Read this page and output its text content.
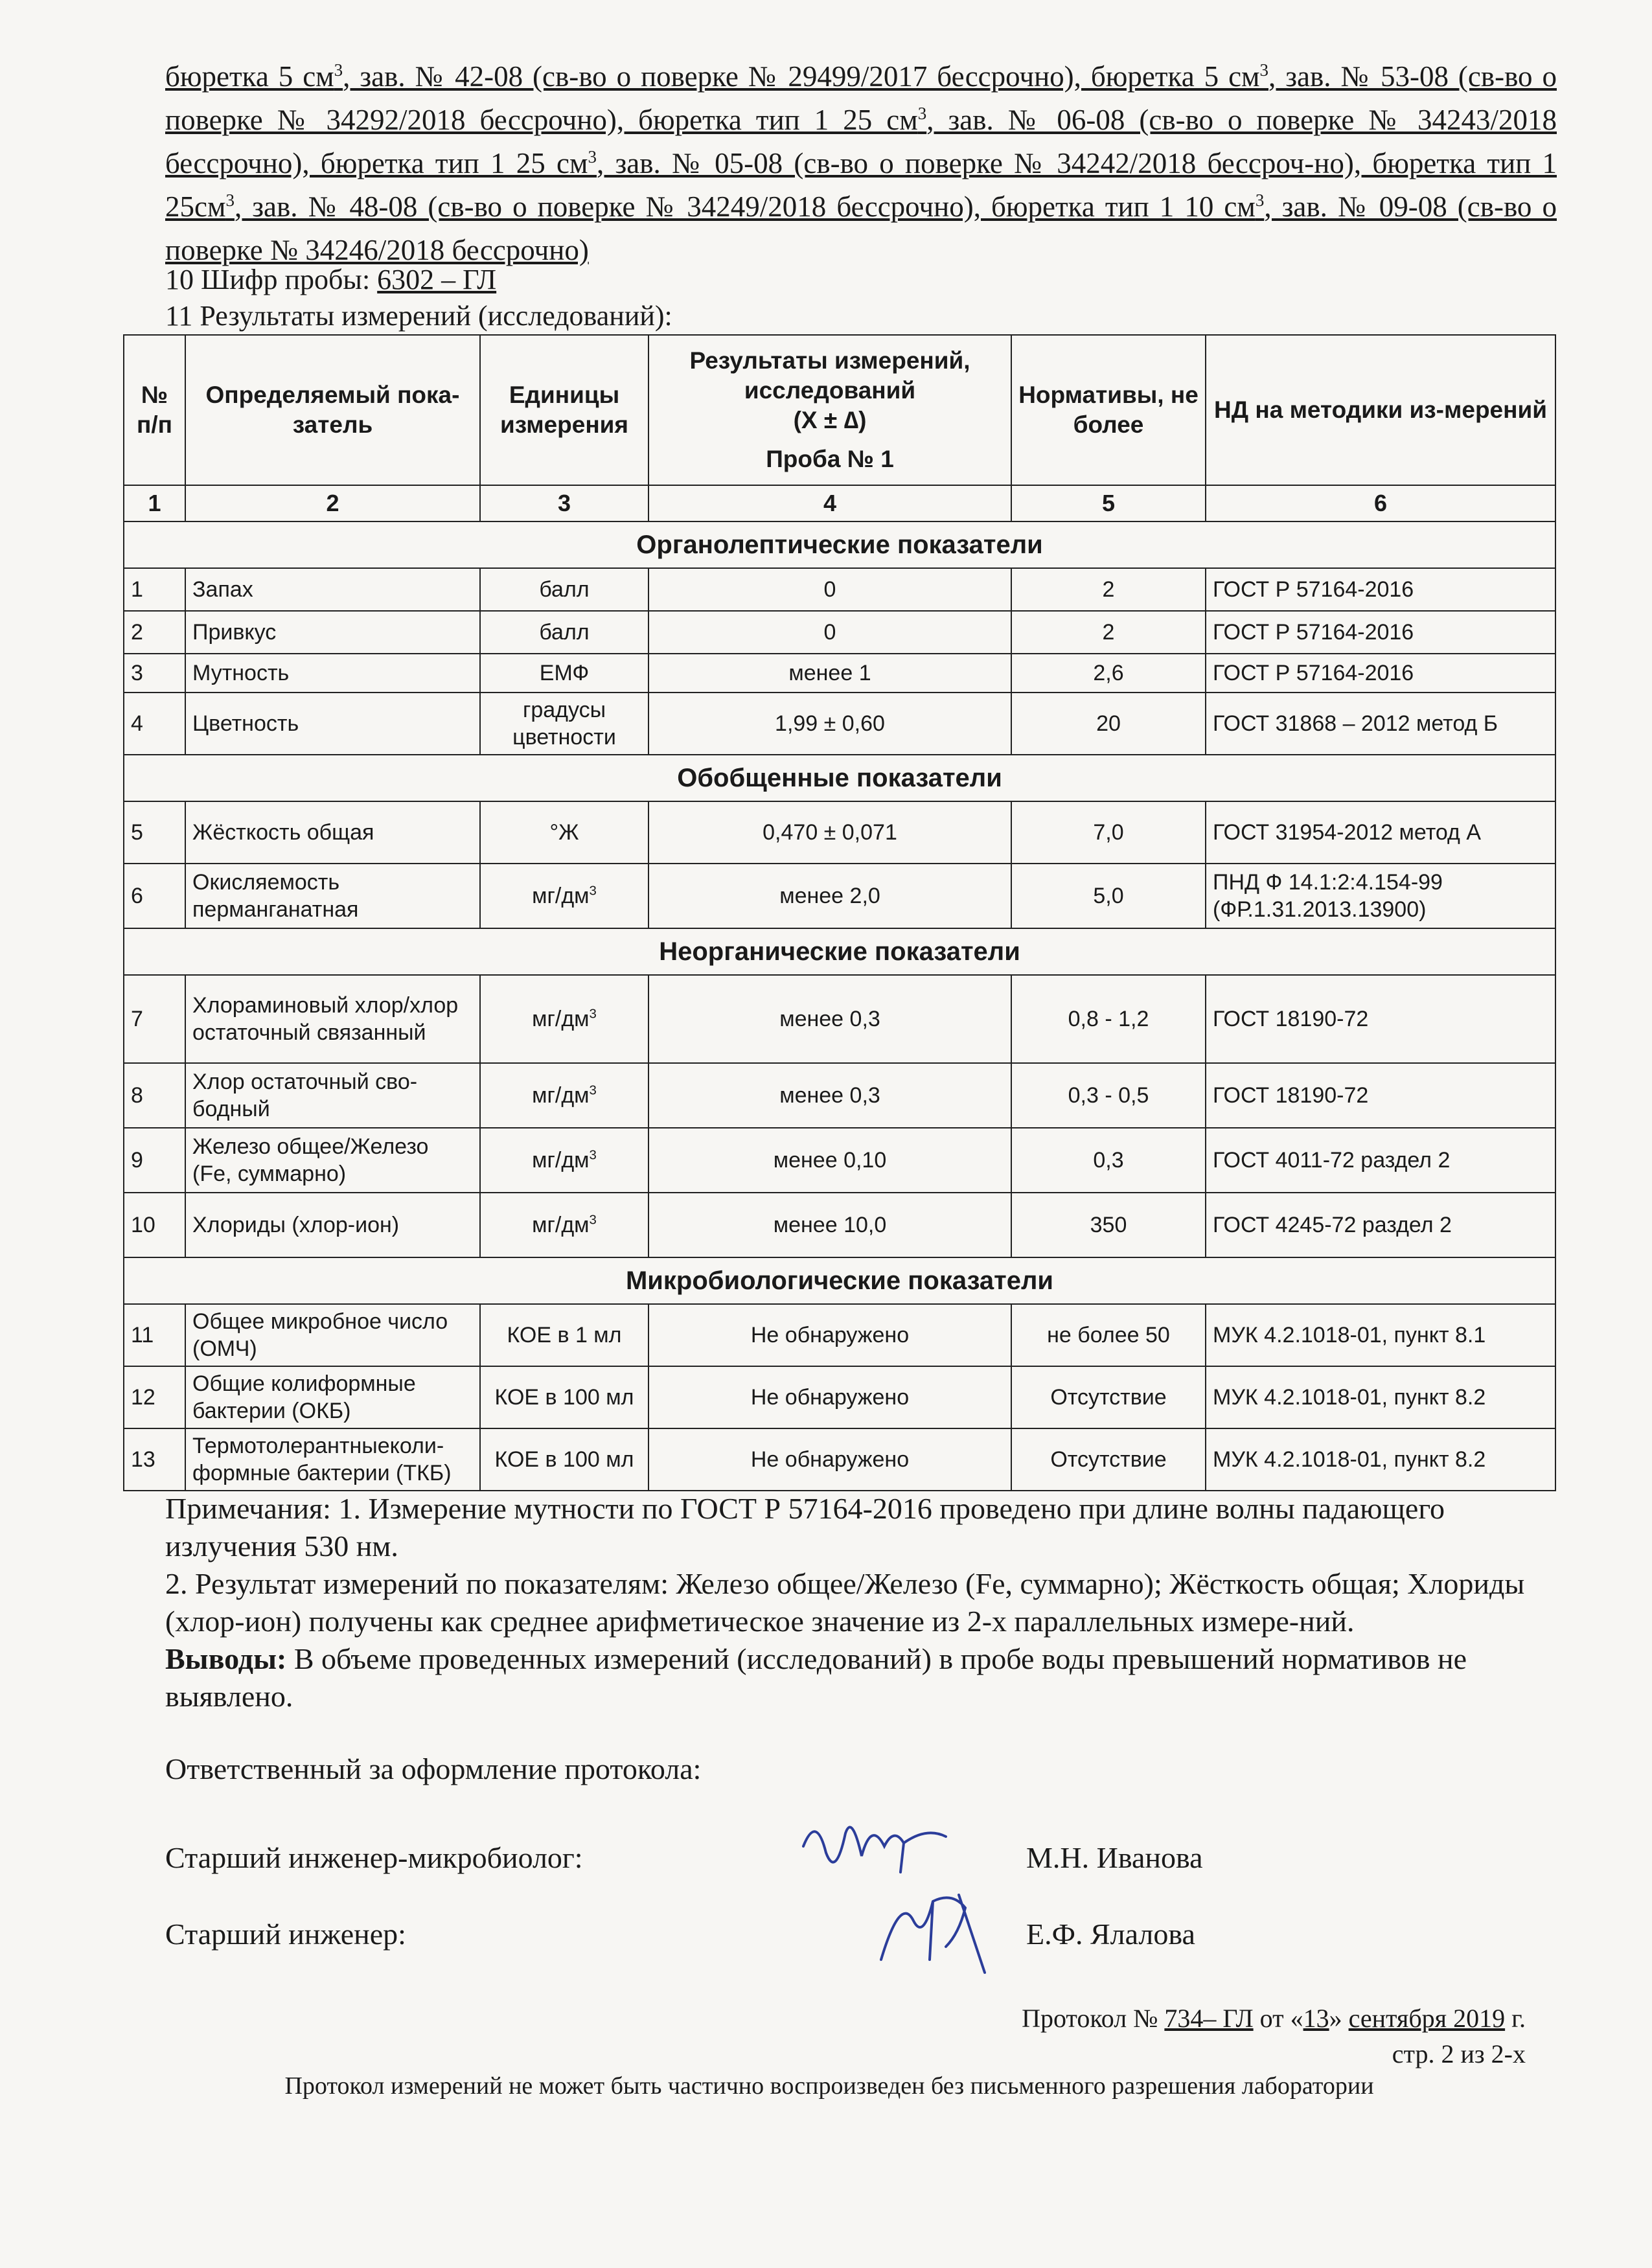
бюретка 5 $см^3$, зав. № 42-08 (св-во о поверке № 29499/2017 бессрочно), бюретка 5 $см^3$, зав. № 53-08 (св-во о поверке № 34292/2018 бессрочно), бюретка тип 1 25 $см^3$, зав. № 06-08 (св-во о поверке № 34243/2018 бессрочно), бюретка тип 1 25 $см^3$, зав. № 05-08 (св-во о поверке № 34242/2018 бессроч-но), бюретка тип 1 $25см^3$, зав. № 48-08 (св-во о поверке № 34249/2018 бессрочно), бюретка тип 1 10 $см^3$, зав. № 09-08 (св-во о поверке № 34246/2018 бессрочно)

10 Шифр пробы: 6302 – ГЛ
11 Результаты измерений (исследований):
№ п/п	Определяемый пока-затель	Единицы измерения	Результаты измерений, исследований
(X ± ∆)
Проба № 1	Нормативы, не более	НД на методики из-мерений
1	2	3	4	5	6
Органолептические показатели					
1	Запах	балл	0	2	ГОСТ Р 57164-2016
2	Привкус	балл	0	2	ГОСТ Р 57164-2016
3	Мутность	ЕМФ	менее 1	2,6	ГОСТ Р 57164-2016
4	Цветность	градусы цветности	1,99 ± 0,60	20	ГОСТ 31868 – 2012 метод Б
Обобщенные показатели					
5	Жёсткость общая	°Ж	0,470 ± 0,071	7,0	ГОСТ 31954-2012 метод А
6	Окисляемость перманганатная	$мг/дм^3$	менее 2,0	5,0	ПНД Ф 14.1:2:4.154-99 (ФР.1.31.2013.13900)
Неорганические показатели					
7	Хлораминовый хлор/хлор остаточный связанный	$мг/дм^3$	менее 0,3	0,8 - 1,2	ГОСТ 18190-72
8	Хлор остаточный сво-бодный	$мг/дм^3$	менее 0,3	0,3 - 0,5	ГОСТ 18190-72
9	Железо общее/Железо (Fe, суммарно)	$мг/дм^3$	менее 0,10	0,3	ГОСТ 4011-72 раздел 2
10	Хлориды (хлор-ион)	$мг/дм^3$	менее 10,0	350	ГОСТ 4245-72 раздел 2
Микробиологические показатели					
11	Общее микробное число (ОМЧ)	КОЕ в 1 мл	Не обнаружено	не более 50	МУК 4.2.1018-01, пункт 8.1
12	Общие колиформные бактерии (ОКБ)	КОЕ в 100 мл	Не обнаружено	Отсутствие	МУК 4.2.1018-01, пункт 8.2
13	Термотолерантныеколи-формные бактерии (ТКБ)	КОЕ в 100 мл	Не обнаружено	Отсутствие	МУК 4.2.1018-01, пункт 8.2

Примечания: 1. Измерение мутности по ГОСТ Р 57164-2016 проведено при длине волны падающего излучения 530 нм.

2. Результат измерений по показателям: Железо общее/Железо (Fe, суммарно); Жёсткость общая; Хлориды (хлор-ион) получены как среднее арифметическое значение из 2-х параллельных измере-ний.

Выводы: В объеме проведенных измерений (исследований) в пробе воды превышений нормативов не выявлено.

Ответственный за оформление протокола:
Старший инженер-микробиолог:	М.Н. Иванова
Старший инженер:	Е.Ф. Ялалова
Протокол № 734– ГЛ от «13» сентября 2019 г.
стр. 2 из 2-х
Протокол измерений не может быть частично воспроизведен без письменного разрешения лаборатории
